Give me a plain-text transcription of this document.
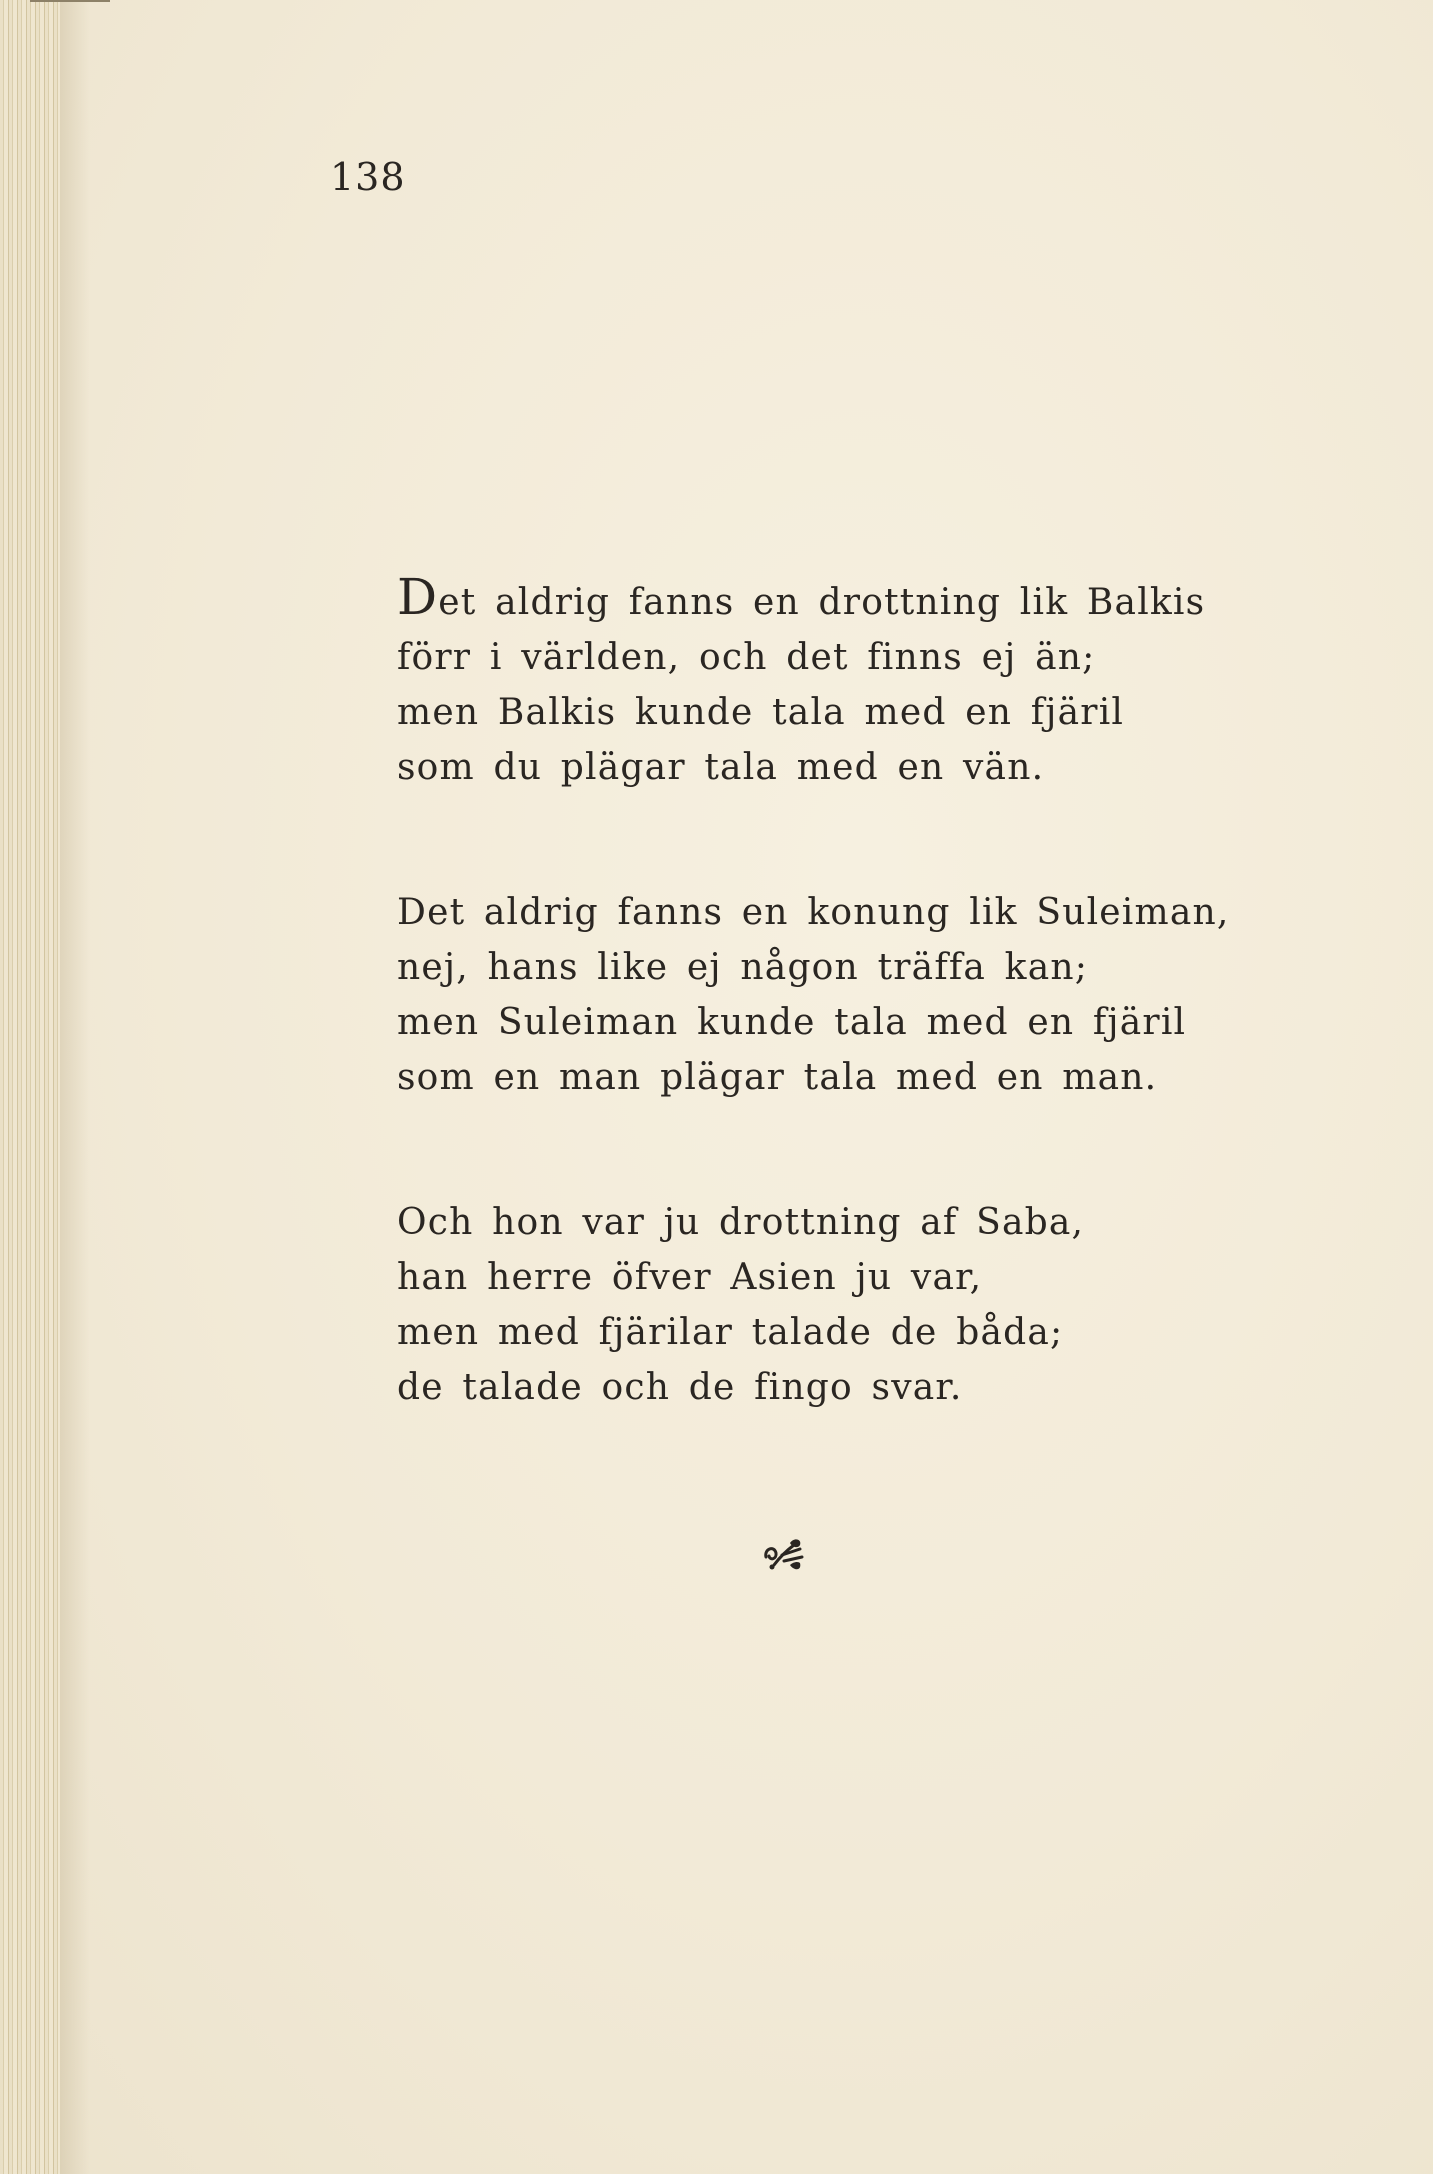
138
Det aldrig fanns en drottning lik Balkis
förr i världen, och det finns ej än;
men Balkis kunde tala med en fjäril
som du plägar tala med en vän.
Det aldrig fanns en konung lik Suleiman,
nej, hans like ej någon träffa kan;
men Suleiman kunde tala med en fjäril
som en man plägar tala med en man.
Och hon var ju drottning af Saba,
han herre öfver Asien ju var,
men med fjärilar talade de båda;
de talade och de fingo svar.
